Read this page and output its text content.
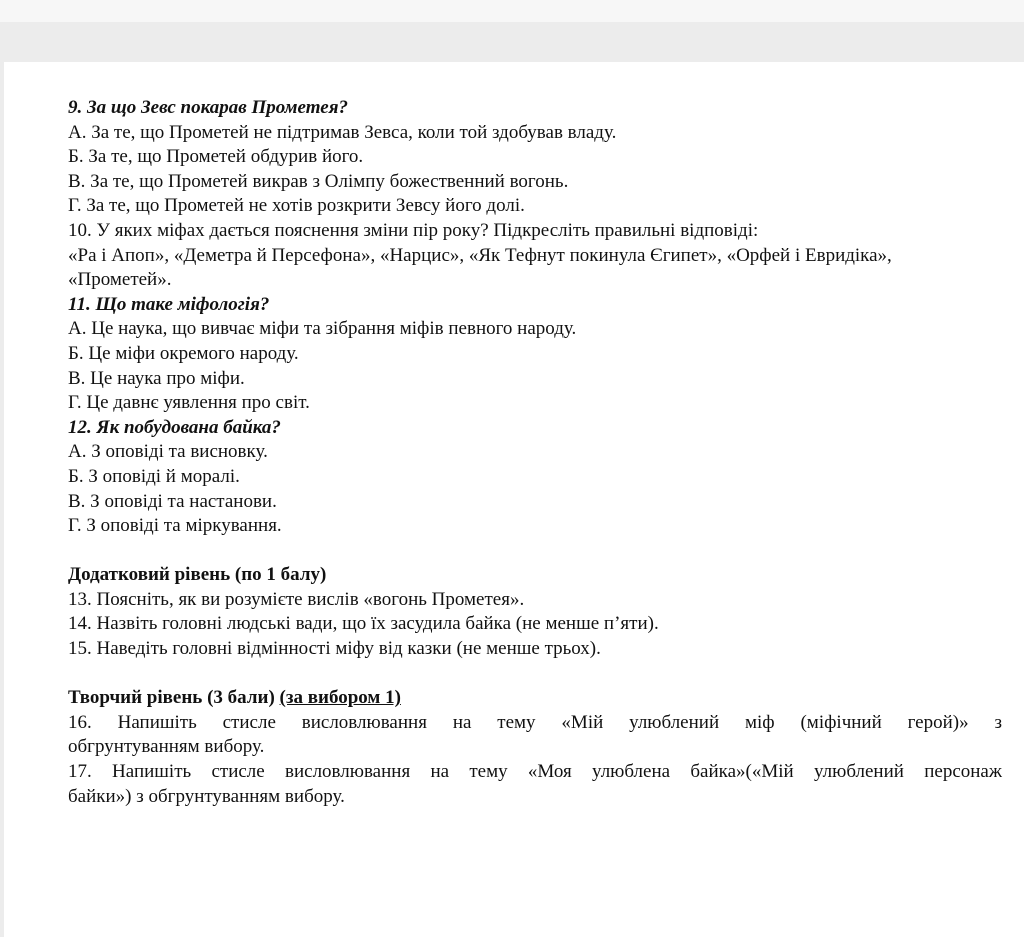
9. За що Зевс покарав Прометея?
А. За те, що Прометей не підтримав Зевса, коли той здобував владу.
Б. За те, що Прометей обдурив його.
В. За те, що Прометей викрав з Олімпу божественний вогонь.
Г. За те, що Прометей не хотів розкрити Зевсу його долі.
10. У яких міфах дається пояснення зміни пір року? Підкресліть правильні відповіді:
«Ра і Апоп», «Деметра й Персефона», «Нарцис», «Як Тефнут покинула Єгипет», «Орфей і Евридіка»,
«Прометей».
11. Що таке міфологія?
А. Це наука, що вивчає міфи та зібрання міфів певного народу.
Б. Це міфи окремого народу.
В. Це наука про міфи.
Г. Це давнє уявлення про світ.
12. Як побудована байка?
А. З оповіді та висновку.
Б. З оповіді й моралі.
В. З оповіді та настанови.
Г. З оповіді та міркування.
Додатковий рівень (по 1 балу)
13. Поясніть, як ви розумієте вислів «вогонь Прометея».
14. Назвіть головні людські вади, що їх засудила байка (не менше п’яти).
15. Наведіть головні відмінності міфу від казки (не менше трьох).
Творчий рівень (3 бали) (за вибором 1)
16. Напишіть стисле висловлювання на тему «Мій улюблений міф (міфічний герой)» з
обгрунтуванням вибору.
17. Напишіть стисле висловлювання на тему «Моя улюблена байка»(«Мій улюблений персонаж
байки») з обгрунтуванням вибору.
